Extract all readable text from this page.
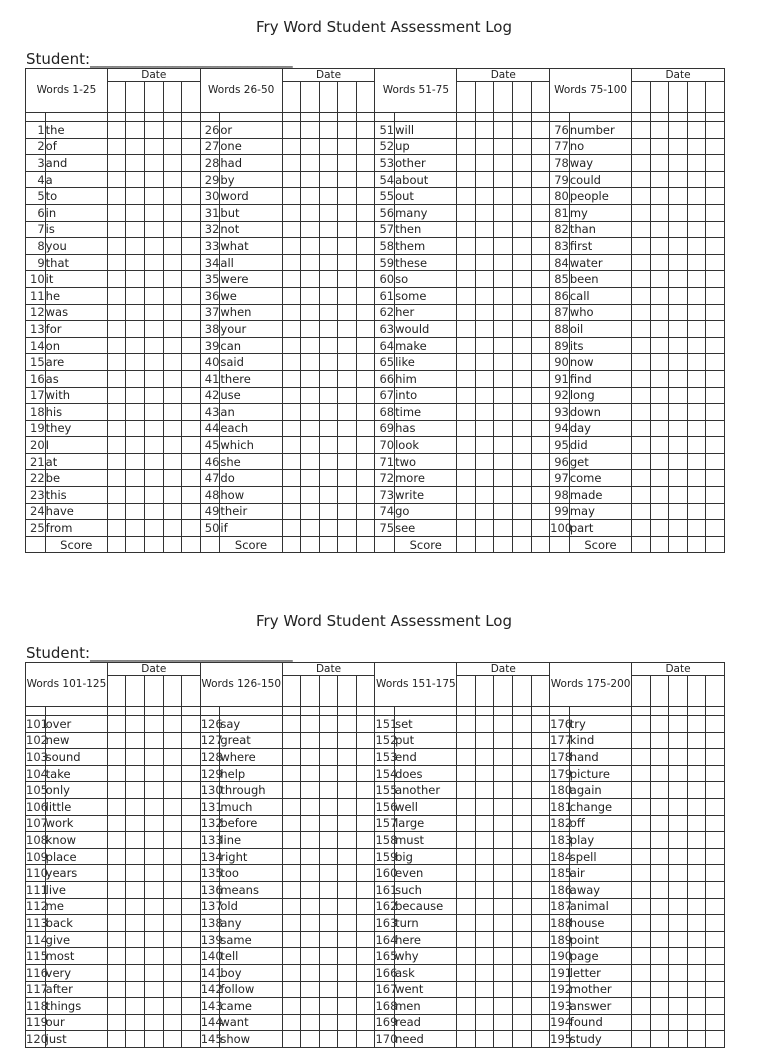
Fry Word Student Assessment Log
Student:___________________________
Words 1-25		Date					Words 26-50		Date					Words 51-75		Date					Words 75-100		Date				

1	the						26	or						51	will						76	number					
2	of						27	one						52	up						77	no					
3	and						28	had						53	other						78	way					
4	a						29	by						54	about						79	could					
5	to						30	word						55	out						80	people					
6	in						31	but						56	many						81	my					
7	is						32	not						57	then						82	than					
8	you						33	what						58	them						83	first					
9	that						34	all						59	these						84	water					
10	it						35	were						60	so						85	been					
11	he						36	we						61	some						86	call					
12	was						37	when						62	her						87	who					
13	for						38	your						63	would						88	oil					
14	on						39	can						64	make						89	its					
15	are						40	said						65	like						90	now					
16	as						41	there						66	him						91	find					
17	with						42	use						67	into						92	long					
18	his						43	an						68	time						93	down					
19	they						44	each						69	has						94	day					
20	I						45	which						70	look						95	did					
21	at						46	she						71	two						96	get					
22	be						47	do						72	more						97	come					
23	this						48	how						73	write						98	made					
24	have						49	their						74	go						99	may					
25	from						50	if						75	see						100	part					
	Score							Score							Score							Score					
Fry Word Student Assessment Log
Student:___________________________
Words 101-125		Date					Words 126-150		Date					Words 151-175		Date					Words 175-200		Date				

101	over						126	say						151	set						176	try					
102	new						127	great						152	put						177	kind					
103	sound						128	where						153	end						178	hand					
104	take						129	help						154	does						179	picture					
105	only						130	through						155	another						180	again					
106	little						131	much						156	well						181	change					
107	work						132	before						157	large						182	off					
108	know						133	line						158	must						183	play					
109	place						134	right						159	big						184	spell					
110	years						135	too						160	even						185	air					
111	live						136	means						161	such						186	away					
112	me						137	old						162	because						187	animal					
113	back						138	any						163	turn						188	house					
114	give						139	same						164	here						189	point					
115	most						140	tell						165	why						190	page					
116	very						141	boy						166	ask						191	letter					
117	after						142	follow						167	went						192	mother					
118	things						143	came						168	men						193	answer					
119	our						144	want						169	read						194	found					
120	just						145	show						170	need						195	study					
